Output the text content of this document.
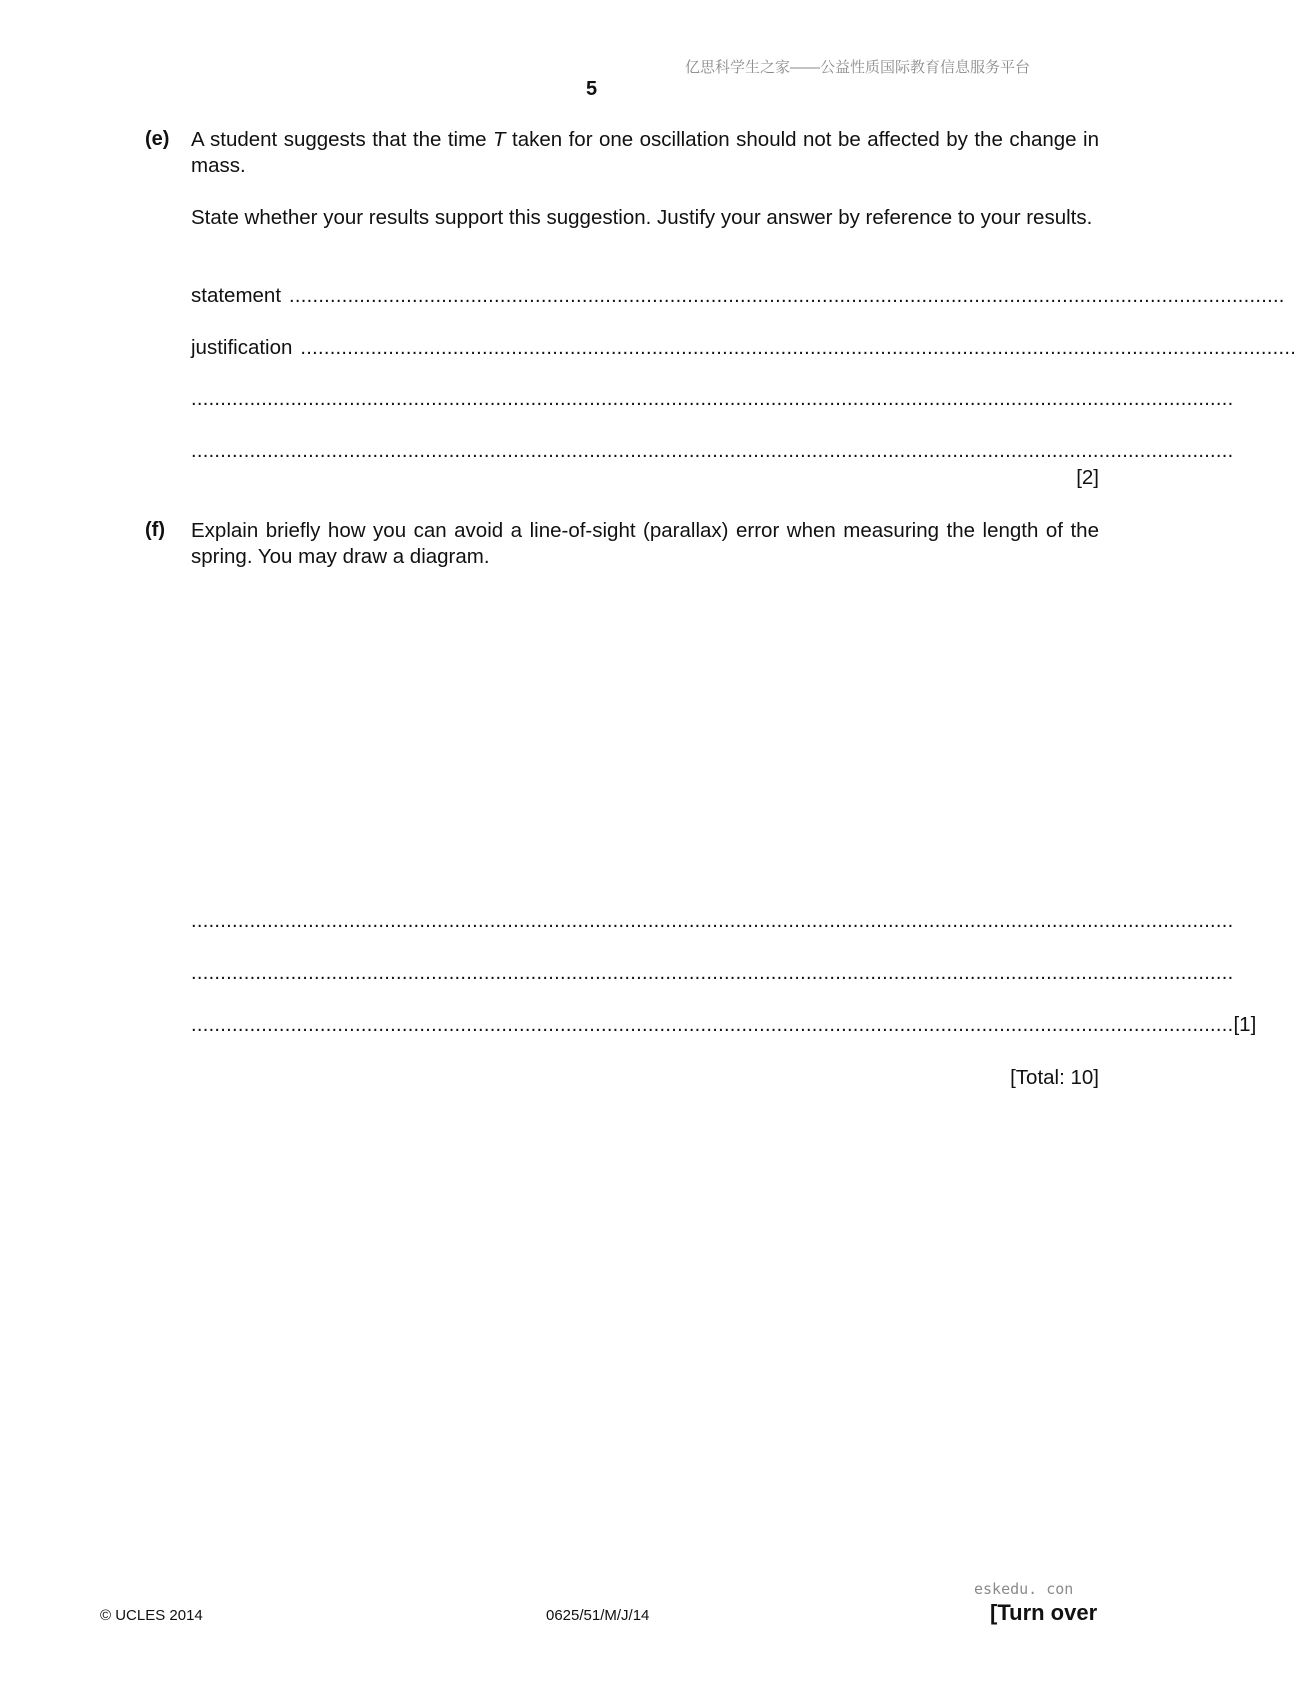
亿思科学生之家——公益性质国际教育信息服务平台
5
(e) A student suggests that the time T taken for one oscillation should not be affected by the change in mass.
State whether your results support this suggestion. Justify your answer by reference to your results.
statement ..........................................................................................................................................................................
justification ..........................................................................................................................................................................
..................................................................................................................................................................................
..................................................................................................................................................................................
[2]
(f) Explain briefly how you can avoid a line-of-sight (parallax) error when measuring the length of the spring. You may draw a diagram.
..................................................................................................................................................................................
..................................................................................................................................................................................
.................................................................................................................................................................................. [1]
[Total: 10]
eskedu. con
© UCLES 2014	0625/51/M/J/14	[Turn over
